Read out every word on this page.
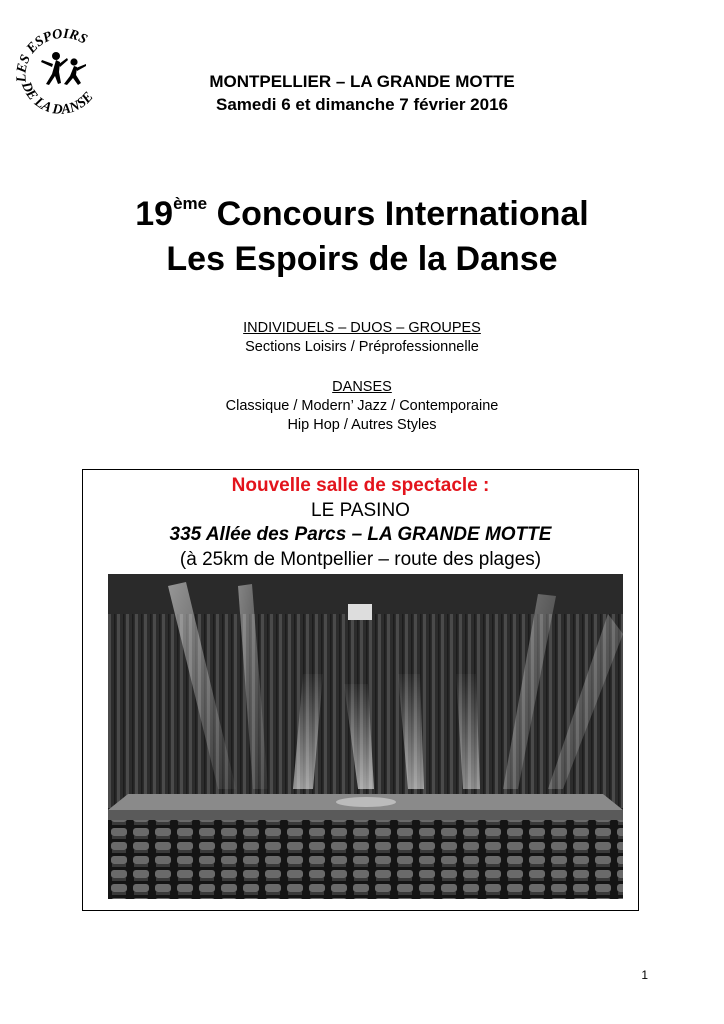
LES ESPOIRS
DE LA DANSE
MONTPELLIER – LA GRANDE MOTTE
Samedi 6 et dimanche 7 février 2016
19ème Concours International
Les Espoirs de la Danse
INDIVIDUELS – DUOS – GROUPES
Sections Loisirs / Préprofessionnelle
DANSES
Classique / Modern’ Jazz / Contemporaine
Hip Hop / Autres Styles
Nouvelle salle de spectacle :
LE PASINO
335 Allée des Parcs – LA GRANDE MOTTE
(à 25km de Montpellier – route des plages)
1
